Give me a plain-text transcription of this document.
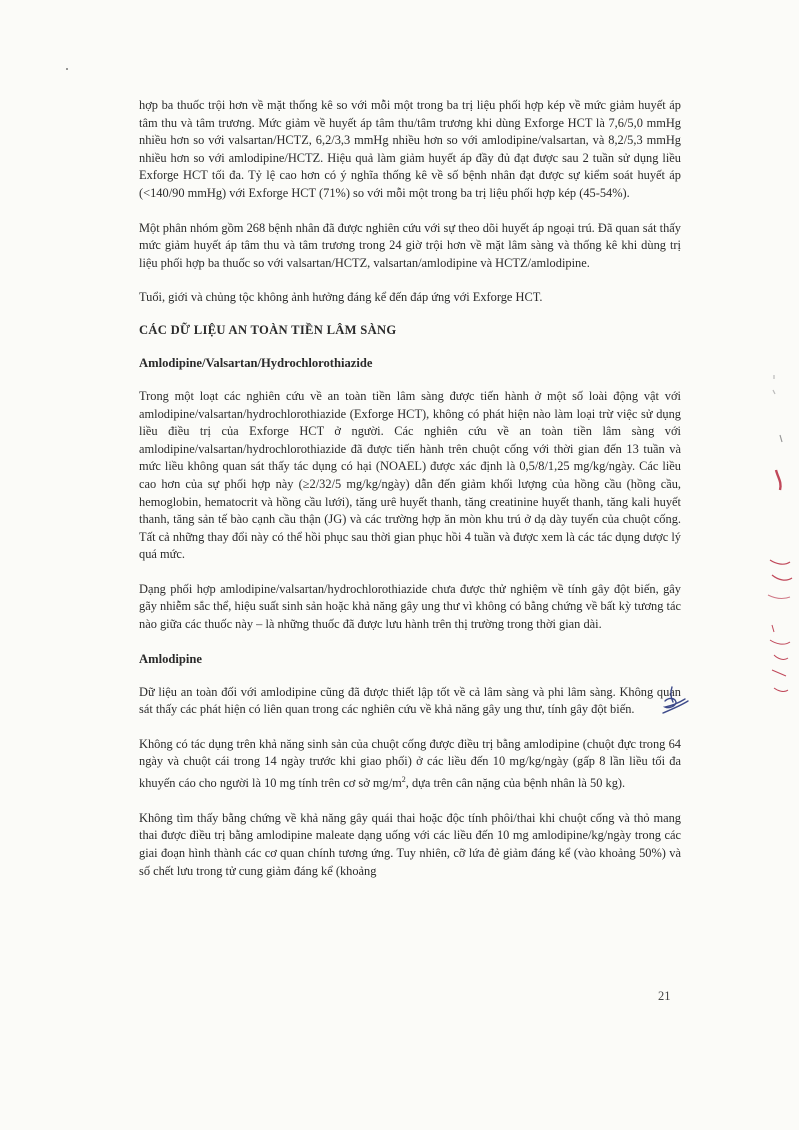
hợp ba thuốc trội hơn về mặt thống kê so với mỗi một trong ba trị liệu phối hợp kép về mức giảm huyết áp tâm thu và tâm trương. Mức giảm về huyết áp tâm thu/tâm trương khi dùng Exforge HCT là 7,6/5,0 mmHg nhiều hơn so với valsartan/HCTZ, 6,2/3,3 mmHg nhiều hơn so với amlodipine/valsartan, và 8,2/5,3 mmHg nhiều hơn so với amlodipine/HCTZ. Hiệu quả làm giảm huyết áp đầy đủ đạt được sau 2 tuần sử dụng liều Exforge HCT tối đa. Tỷ lệ cao hơn có ý nghĩa thống kê về số bệnh nhân đạt được sự kiểm soát huyết áp (<140/90 mmHg) với Exforge HCT (71%) so với mỗi một trong ba trị liệu phối hợp kép (45-54%).

Một phân nhóm gồm 268 bệnh nhân đã được nghiên cứu với sự theo dõi huyết áp ngoại trú. Đã quan sát thấy mức giảm huyết áp tâm thu và tâm trương trong 24 giờ trội hơn về mặt lâm sàng và thống kê khi dùng trị liệu phối hợp ba thuốc so với valsartan/HCTZ, valsartan/amlodipine và HCTZ/amlodipine.

Tuổi, giới và chủng tộc không ảnh hưởng đáng kể đến đáp ứng với Exforge HCT.

CÁC DỮ LIỆU AN TOÀN TIỀN LÂM SÀNG
Amlodipine/Valsartan/Hydrochlorothiazide

Trong một loạt các nghiên cứu về an toàn tiền lâm sàng được tiến hành ở một số loài động vật với amlodipine/valsartan/hydrochlorothiazide (Exforge HCT), không có phát hiện nào làm loại trừ việc sử dụng liều điều trị của Exforge HCT ở người. Các nghiên cứu về an toàn tiền lâm sàng với amlodipine/valsartan/hydrochlorothiazide đã được tiến hành trên chuột cống với thời gian đến 13 tuần và mức liều không quan sát thấy tác dụng có hại (NOAEL) được xác định là 0,5/8/1,25 mg/kg/ngày. Các liều cao hơn của sự phối hợp này (≥2/32/5 mg/kg/ngày) dẫn đến giảm khối lượng của hồng cầu (hồng cầu, hemoglobin, hematocrit và hồng cầu lưới), tăng urê huyết thanh, tăng creatinine huyết thanh, tăng kali huyết thanh, tăng sản tế bào cạnh cầu thận (JG) và các trường hợp ăn mòn khu trú ở dạ dày tuyến của chuột cống. Tất cả những thay đổi này có thể hồi phục sau thời gian phục hồi 4 tuần và được xem là các tác dụng dược lý quá mức.

Dạng phối hợp amlodipine/valsartan/hydrochlorothiazide chưa được thử nghiệm về tính gây đột biến, gây gãy nhiễm sắc thể, hiệu suất sinh sản hoặc khả năng gây ung thư vì không có bằng chứng về bất kỳ tương tác nào giữa các thuốc này – là những thuốc đã được lưu hành trên thị trường trong thời gian dài.

Amlodipine

Dữ liệu an toàn đối với amlodipine cũng đã được thiết lập tốt về cả lâm sàng và phi lâm sàng. Không quan sát thấy các phát hiện có liên quan trong các nghiên cứu về khả năng gây ung thư, tính gây đột biến.

Không có tác dụng trên khả năng sinh sản của chuột cống được điều trị bằng amlodipine (chuột đực trong 64 ngày và chuột cái trong 14 ngày trước khi giao phối) ở các liều đến 10 mg/kg/ngày (gấp 8 lần liều tối đa khuyến cáo cho người là 10 mg tính trên cơ sở $mg/m^2$, dựa trên cân nặng của bệnh nhân là 50 kg).

Không tìm thấy bằng chứng về khả năng gây quái thai hoặc độc tính phôi/thai khi chuột cống và thỏ mang thai được điều trị bằng amlodipine maleate dạng uống với các liều đến 10 mg amlodipine/kg/ngày trong các giai đoạn hình thành các cơ quan chính tương ứng. Tuy nhiên, cỡ lứa đẻ giảm đáng kể (vào khoảng 50%) và số chết lưu trong tử cung giảm đáng kể (khoảng

21
